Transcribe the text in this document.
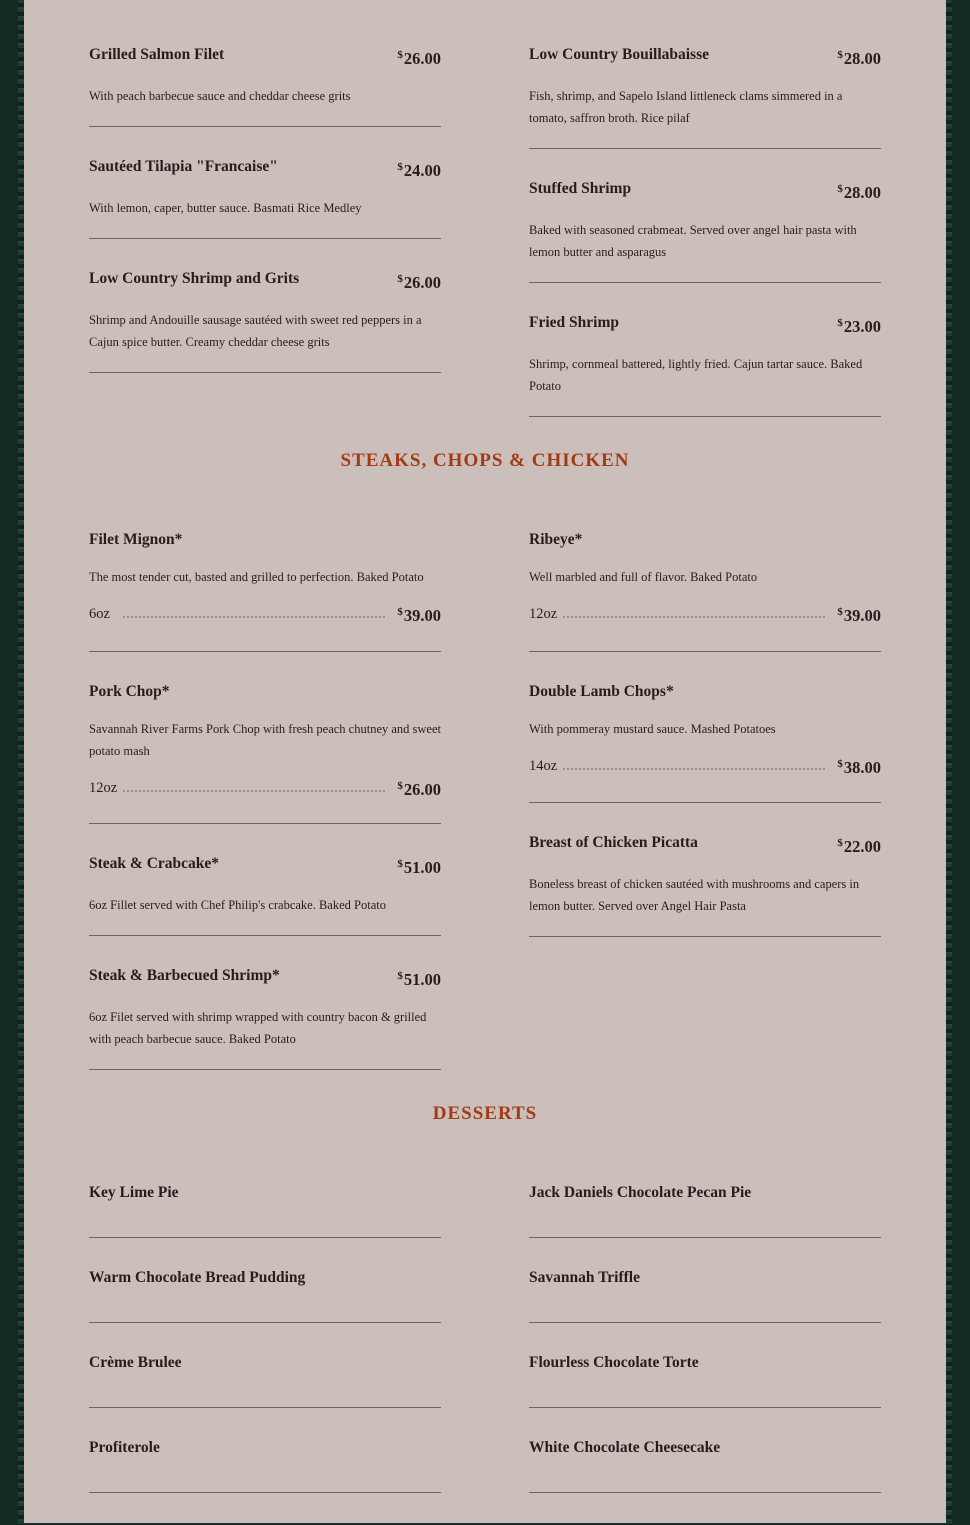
Grilled Salmon Filet	$26.00
With peach barbecue sauce and cheddar cheese grits
Sautéed Tilapia "Francaise"	$24.00
With lemon, caper, butter sauce. Basmati Rice Medley
Low Country Shrimp and Grits	$26.00
Shrimp and Andouille sausage sautéed with sweet red peppers in a Cajun spice butter. Creamy cheddar cheese grits
Low Country Bouillabaisse	$28.00
Fish, shrimp, and Sapelo Island littleneck clams simmered in a tomato, saffron broth. Rice pilaf
Stuffed Shrimp	$28.00
Baked with seasoned crabmeat. Served over angel hair pasta with lemon butter and asparagus
Fried Shrimp	$23.00
Shrimp, cornmeal battered, lightly fried. Cajun tartar sauce. Baked Potato
STEAKS, CHOPS & CHICKEN
Filet Mignon*
The most tender cut, basted and grilled to perfection. Baked Potato
6oz	$39.00
Pork Chop*
Savannah River Farms Pork Chop with fresh peach chutney and sweet potato mash
12oz	$26.00
Steak & Crabcake*	$51.00
6oz Fillet served with Chef Philip's crabcake. Baked Potato
Steak & Barbecued Shrimp*	$51.00
6oz Filet served with shrimp wrapped with country bacon & grilled with peach barbecue sauce. Baked Potato
Ribeye*
Well marbled and full of flavor. Baked Potato
12oz	$39.00
Double Lamb Chops*
With pommeray mustard sauce. Mashed Potatoes
14oz	$38.00
Breast of Chicken Picatta	$22.00
Boneless breast of chicken sautéed with mushrooms and capers in lemon butter. Served over Angel Hair Pasta
DESSERTS
Key Lime Pie
Warm Chocolate Bread Pudding
Crème Brulee
Profiterole
Jack Daniels Chocolate Pecan Pie
Savannah Triffle
Flourless Chocolate Torte
White Chocolate Cheesecake
